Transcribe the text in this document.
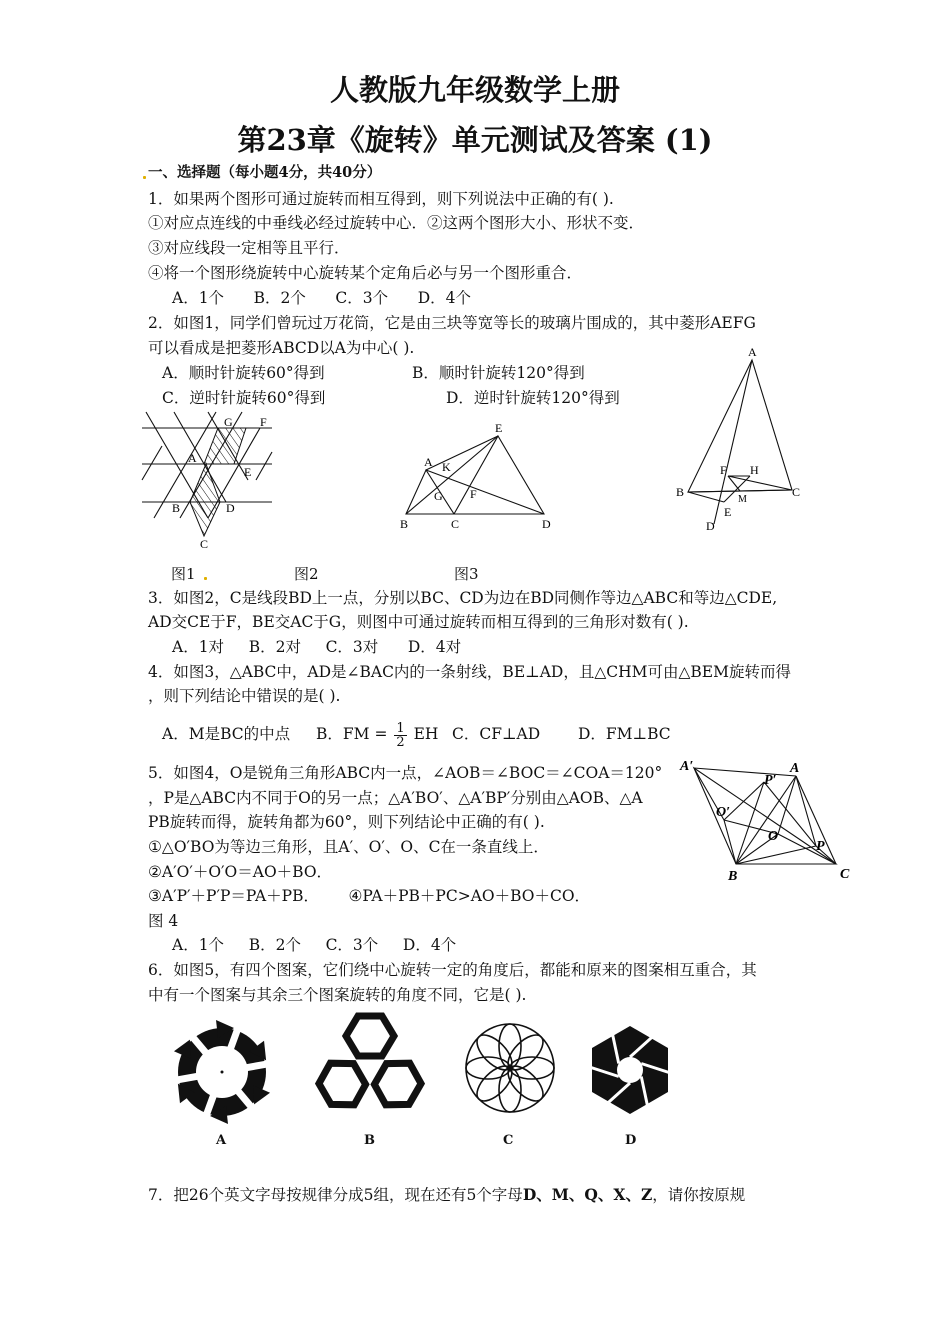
人教版九年级数学上册
第23章《旋转》单元测试及答案 (1)
一、选择题（每小题4分，共40分）
1．如果两个图形可通过旋转而相互得到，则下列说法中正确的有( ).
①对应点连线的中垂线必经过旋转中心．②这两个图形大小、形状不变．
③对应线段一定相等且平行．
④将一个图形绕旋转中心旋转某个定角后必与另一个图形重合．
A．1个      B．2个      C．3个      D．4个
2．如图1，同学们曾玩过万花筒，它是由三块等宽等长的玻璃片围成的，其中菱形AEFG
可以看成是把菱形ABCD以A为中心( ).
A．顺时针旋转60°得到	B．顺时针旋转120°得到
C．逆时针旋转60°得到	D．逆时针旋转120°得到
G F
A
E
B	D
C
E
A K
G F
B	C	D
A
F H
B
M
C
E
D
图1	图2	图3
3．如图2，C是线段BD上一点，分别以BC、CD为边在BD同侧作等边△ABC和等边△CDE,
AD交CE于F，BE交AC于G，则图中可通过旋转而相互得到的三角形对数有( ).
A．1对     B．2对     C．3对      D．4对
4．如图3，△ABC中，AD是∠BAC内的一条射线，BE⊥AD，且△CHM可由△BEM旋转而得
，则下列结论中错误的是( ).
A．M是BC的中点 B．FM = $\frac{1}{2}$ EH C．CF⊥AD D．FM⊥BC
5．如图4，O是锐角三角形ABC内一点，∠AOB＝∠BOC＝∠COA＝120°
，P是△ABC内不同于O的另一点；△A′BO′、△A′BP′分别由△AOB、△A
PB旋转而得，旋转角都为60°，则下列结论中正确的有( ).
①△O′BO为等边三角形，且A′、O′、O、C在一条直线上．
②A′O′＋O′O＝AO＋BO．
③A′P′＋P′P＝PA＋PB．      ④PA＋PB＋PC>AO＋BO＋CO．
图 4
A．1个     B．2个     C．3个     D．4个
A′
P′
A
O′
O
P
B	C
6．如图5，有四个图案，它们绕中心旋转一定的角度后，都能和原来的图案相互重合，其
中有一个图案与其余三个图案旋转的角度不同，它是( ).
A	B	C	D
7．把26个英文字母按规律分成5组，现在还有5个字母D、M、Q、X、Z，请你按原规
